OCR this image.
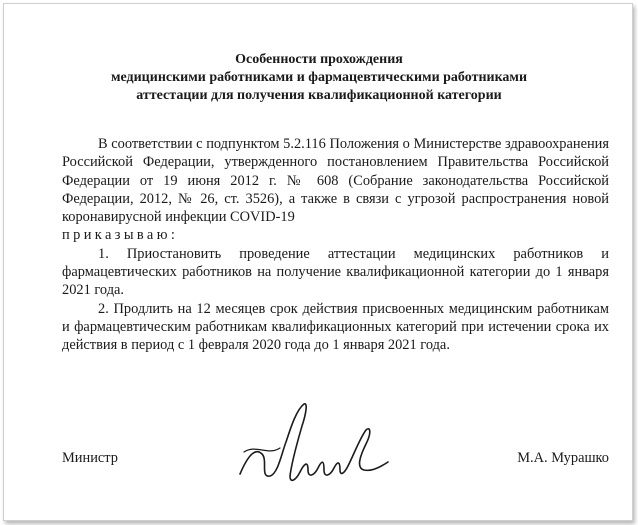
Особенности прохождения
медицинскими работниками и фармацевтическими работниками
аттестации для получения квалификационной категории

В соответствии с подпунктом 5.2.116 Положения о Министерстве здравоохранения Российской Федерации, утвержденного постановлением Правительства Российской Федерации от 19 июня 2012 г. № 608 (Собрание законодательства Российской Федерации, 2012, № 26, ст. 3526), а также в связи с угрозой распространения новой коронавирусной инфекции COVID-19

приказываю:

1. Приостановить проведение аттестации медицинских работников и фармацевтических работников на получение квалификационной категории до 1 января 2021 года.

2. Продлить на 12 месяцев срок действия присвоенных медицинским работникам и фармацевтическим работникам квалификационных категорий при истечении срока их действия в период с 1 февраля 2020 года до 1 января 2021 года.

Министр	М.А. Мурашко
